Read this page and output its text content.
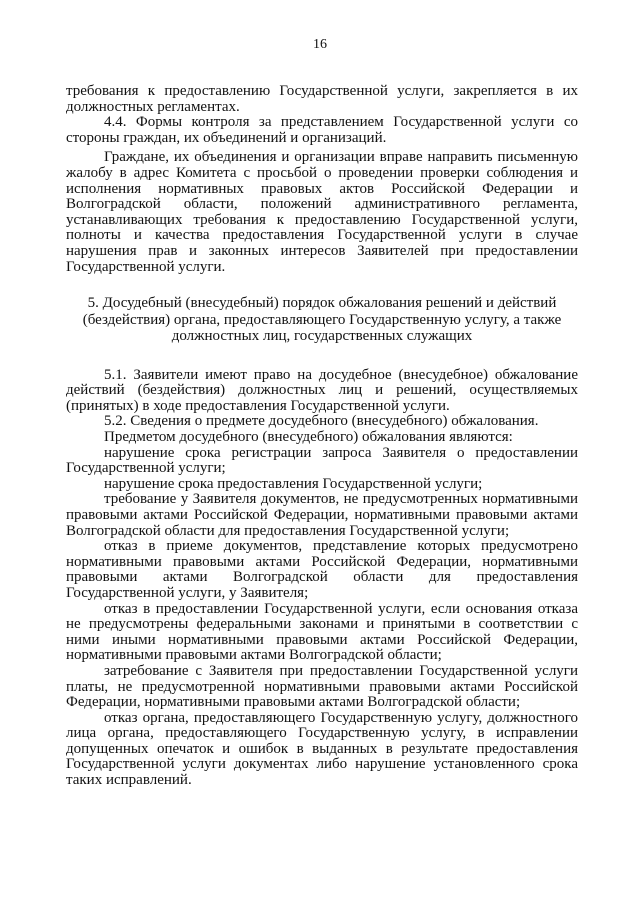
16

требования к предоставлению Государственной услуги, закрепляется в их должностных регламентах.

4.4. Формы контроля за представлением Государственной услуги со стороны граждан, их объединений и организаций.

Граждане, их объединения и организации вправе направить письменную жалобу в адрес Комитета с просьбой о проведении проверки соблюдения и исполнения нормативных правовых актов Российской Федерации и Волгоградской области, положений административного регламента, устанавливающих требования к предоставлению Государственной услуги, полноты и качества предоставления Государственной услуги в случае нарушения прав и законных интересов Заявителей при предоставлении Государственной услуги.

5. Досудебный (внесудебный) порядок обжалования решений и действий (бездействия) органа, предоставляющего Государственную услугу, а также должностных лиц, государственных служащих

5.1. Заявители имеют право на досудебное (внесудебное) обжалование действий (бездействия) должностных лиц и решений, осуществляемых (принятых) в ходе предоставления Государственной услуги.

5.2. Сведения о предмете досудебного (внесудебного) обжалования.

Предметом досудебного (внесудебного) обжалования являются:

нарушение срока регистрации запроса Заявителя о предоставлении Государственной услуги;

нарушение срока предоставления Государственной услуги;

требование у Заявителя документов, не предусмотренных нормативными правовыми актами Российской Федерации, нормативными правовыми актами Волгоградской области для предоставления Государственной услуги;

отказ в приеме документов, представление которых предусмотрено нормативными правовыми актами Российской Федерации, нормативными правовыми актами Волгоградской области для предоставления Государственной услуги, у Заявителя;

отказ в предоставлении Государственной услуги, если основания отказа не предусмотрены федеральными законами и принятыми в соответствии с ними иными нормативными правовыми актами Российской Федерации, нормативными правовыми актами Волгоградской области;

затребование с Заявителя при предоставлении Государственной услуги платы, не предусмотренной нормативными правовыми актами Российской Федерации, нормативными правовыми актами Волгоградской области;

отказ органа, предоставляющего Государственную услугу, должностного лица органа, предоставляющего Государственную услугу, в исправлении допущенных опечаток и ошибок в выданных в результате предоставления Государственной услуги документах либо нарушение установленного срока таких исправлений.
